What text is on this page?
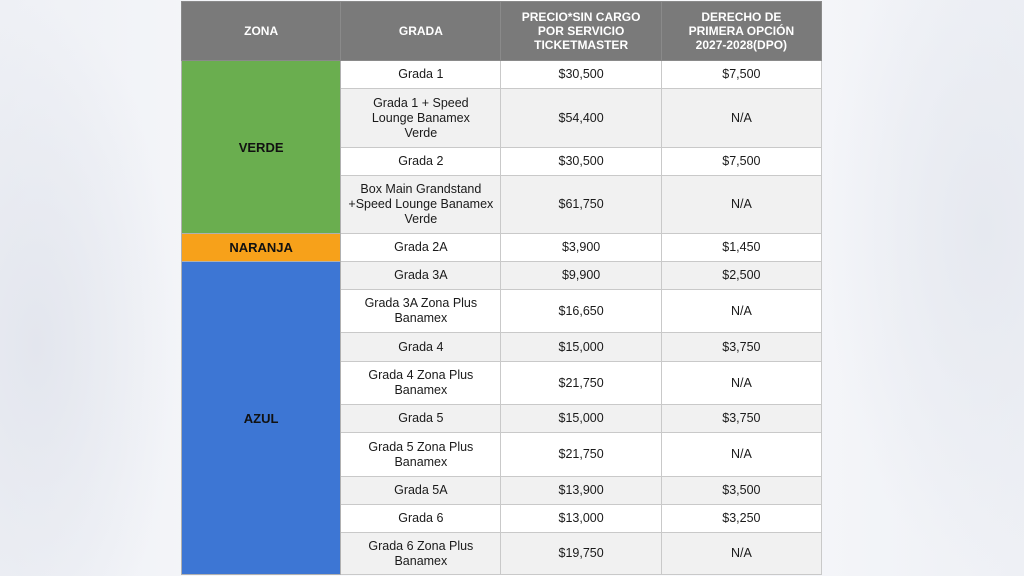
ZONA	GRADA	PRECIO*SIN CARGO POR SERVICIO TICKETMASTER	DERECHO DE PRIMERA OPCIÓN 2027-2028(DPO)
VERDE	Grada 1	$30,500	$7,500
	Grada 1 + Speed Lounge Banamex Verde	$54,400	N/A
	Grada 2	$30,500	$7,500
	Box Main Grandstand +Speed Lounge Banamex Verde	$61,750	N/A
NARANJA	Grada 2A	$3,900	$1,450
AZUL	Grada 3A	$9,900	$2,500
	Grada 3A Zona Plus Banamex	$16,650	N/A
	Grada 4	$15,000	$3,750
	Grada 4 Zona Plus Banamex	$21,750	N/A
	Grada 5	$15,000	$3,750
	Grada 5 Zona Plus Banamex	$21,750	N/A
	Grada 5A	$13,900	$3,500
	Grada 6	$13,000	$3,250
	Grada 6 Zona Plus Banamex	$19,750	N/A
